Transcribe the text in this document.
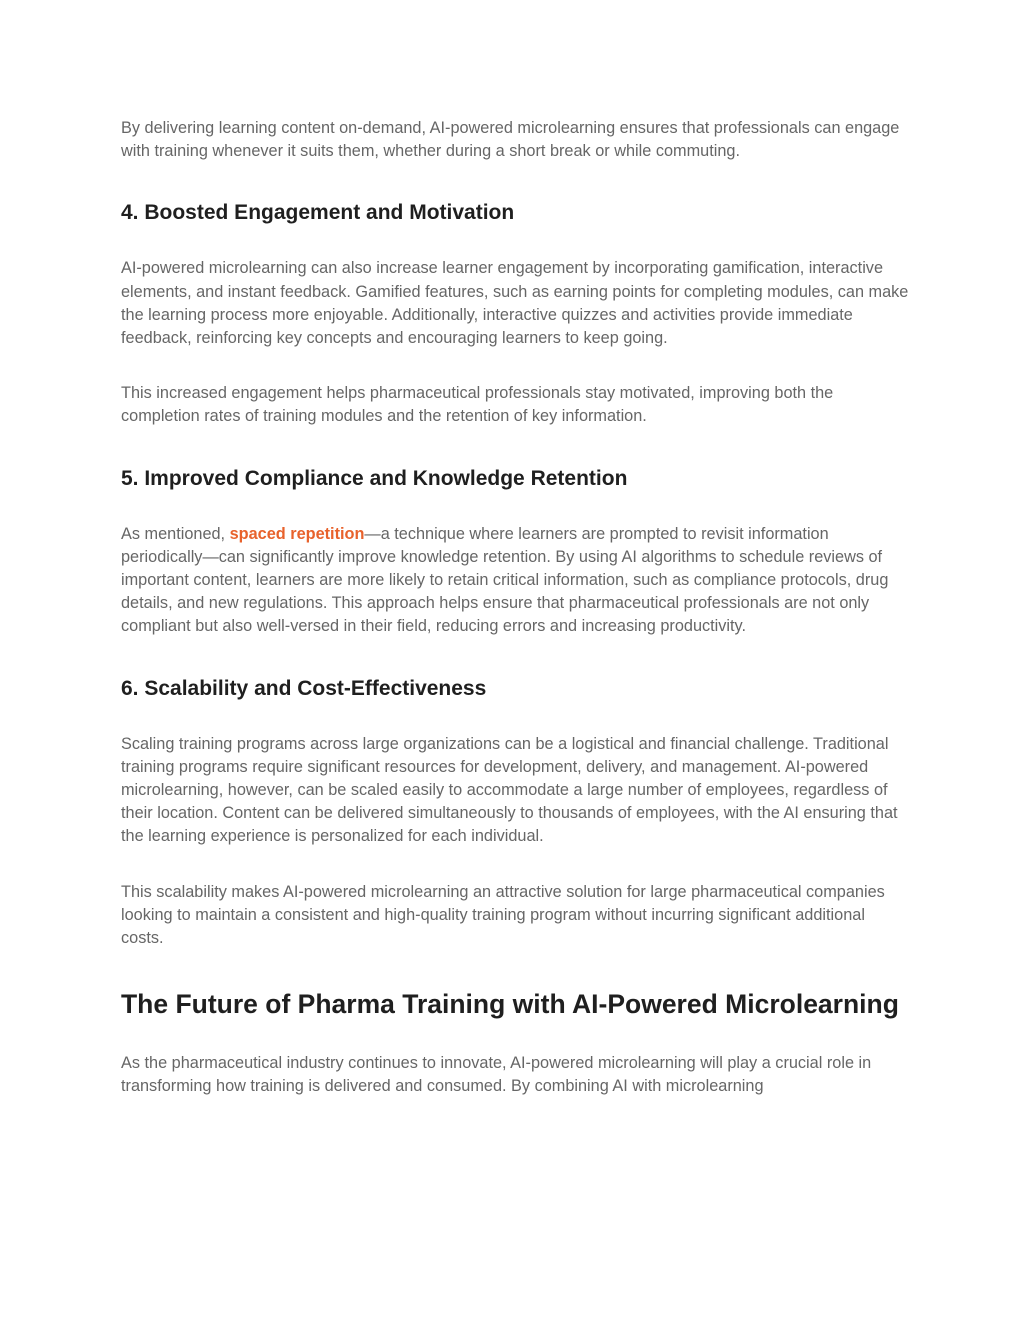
By delivering learning content on-demand, AI-powered microlearning ensures that professionals can engage with training whenever it suits them, whether during a short break or while commuting.

4. Boosted Engagement and Motivation

AI-powered microlearning can also increase learner engagement by incorporating gamification, interactive elements, and instant feedback. Gamified features, such as earning points for completing modules, can make the learning process more enjoyable. Additionally, interactive quizzes and activities provide immediate feedback, reinforcing key concepts and encouraging learners to keep going.

This increased engagement helps pharmaceutical professionals stay motivated, improving both the completion rates of training modules and the retention of key information.

5. Improved Compliance and Knowledge Retention

As mentioned, spaced repetition—a technique where learners are prompted to revisit information periodically—can significantly improve knowledge retention. By using AI algorithms to schedule reviews of important content, learners are more likely to retain critical information, such as compliance protocols, drug details, and new regulations. This approach helps ensure that pharmaceutical professionals are not only compliant but also well-versed in their field, reducing errors and increasing productivity.

6. Scalability and Cost-Effectiveness

Scaling training programs across large organizations can be a logistical and financial challenge. Traditional training programs require significant resources for development, delivery, and management. AI-powered microlearning, however, can be scaled easily to accommodate a large number of employees, regardless of their location. Content can be delivered simultaneously to thousands of employees, with the AI ensuring that the learning experience is personalized for each individual.

This scalability makes AI-powered microlearning an attractive solution for large pharmaceutical companies looking to maintain a consistent and high-quality training program without incurring significant additional costs.

The Future of Pharma Training with AI-Powered Microlearning

As the pharmaceutical industry continues to innovate, AI-powered microlearning will play a crucial role in transforming how training is delivered and consumed. By combining AI with microlearning
